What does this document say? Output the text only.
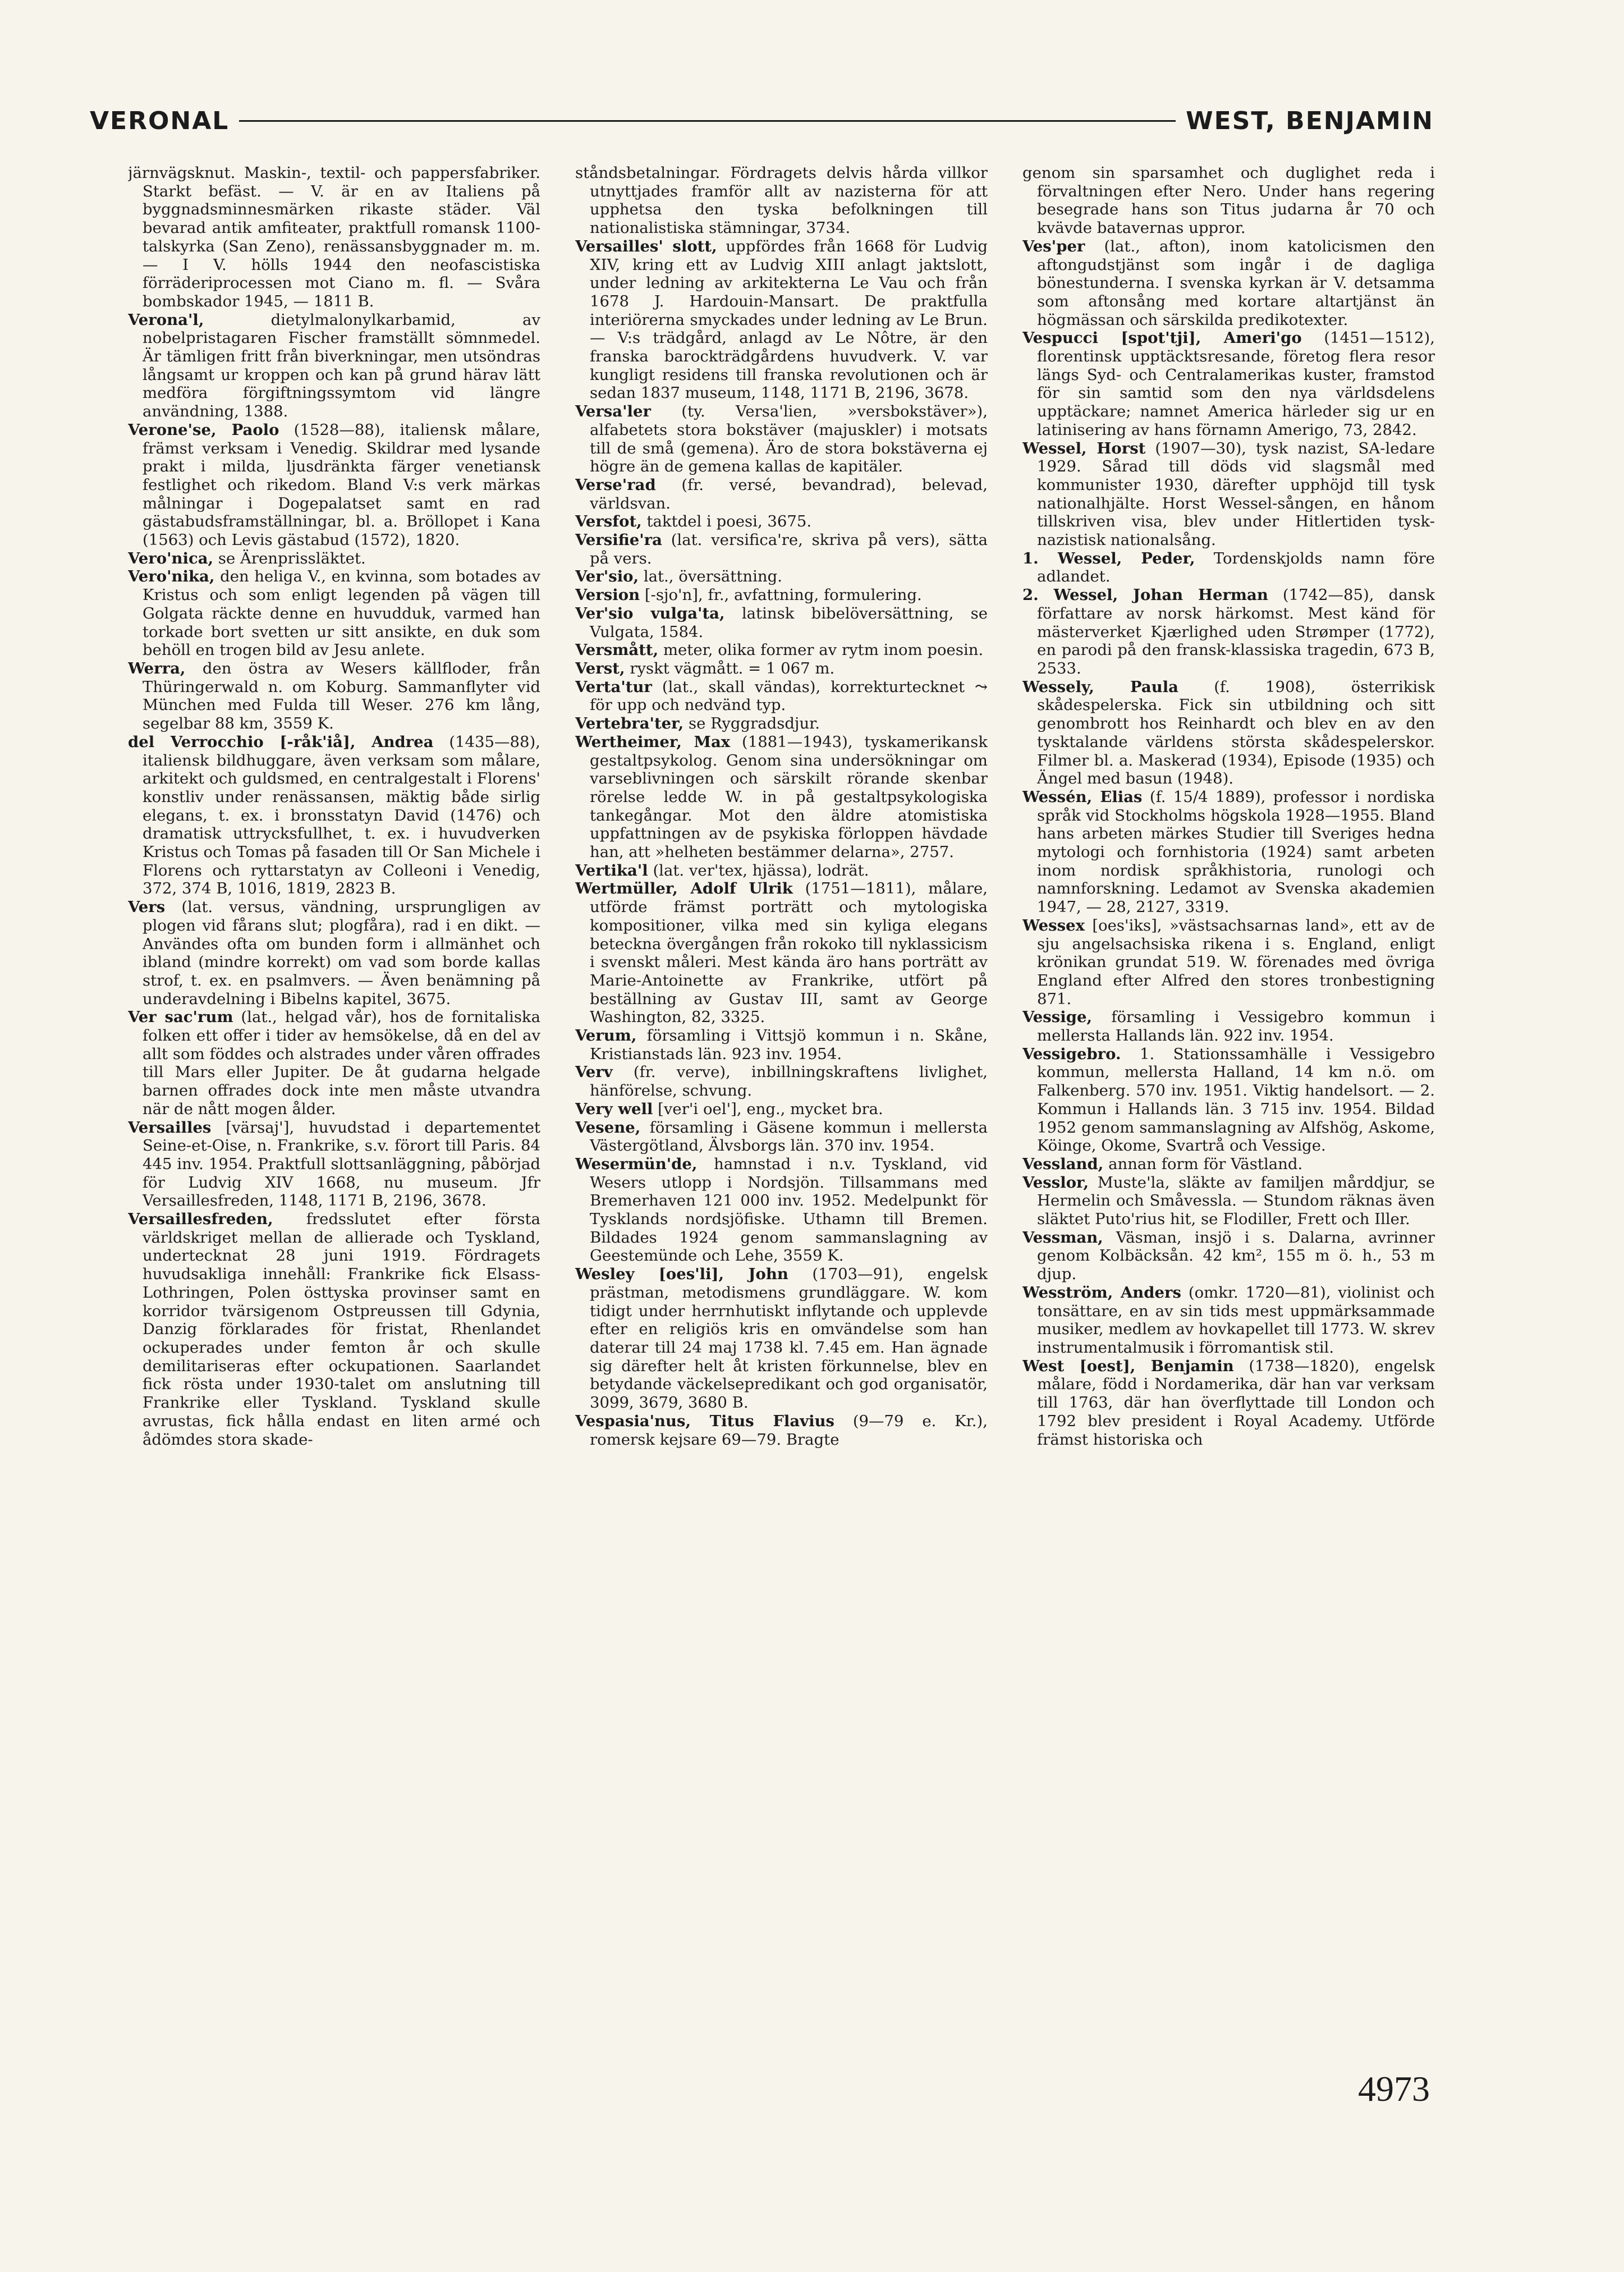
VERONAL	WEST, BENJAMIN

järnvägsknut. Maskin-, textil- och pappersfabriker. Starkt befäst. — V. är en av Italiens på byggnadsminnesmärken rikaste städer. Väl bevarad antik amfiteater, praktfull romansk 1100-talskyrka (San Zeno), renässansbyggnader m. m. — I V. hölls 1944 den neofascistiska förräderiprocessen mot Ciano m. fl. — Svåra bombskador 1945, — 1811 B.

Verona'l,	dietylmalonylkarbamid, av nobelpristagaren Fischer framställt sömnmedel. Är tämligen fritt från biverkningar, men utsöndras långsamt ur kroppen och kan på grund härav lätt medföra förgiftningssymtom vid längre användning, 1388.

Verone'se, Paolo (1528—88), italiensk målare, främst verksam i Venedig. Skildrar med lysande prakt i milda, ljusdränkta färger venetiansk festlighet och rikedom. Bland V:s verk märkas målningar i Dogepalatset samt en rad gästabudsframställningar, bl. a. Bröllopet i Kana (1563) och Levis gästabud (1572), 1820.

Vero'nica, se Ärenprissläktet.

Vero'nika, den heliga V., en kvinna, som botades av Kristus och som enligt legenden på vägen till Golgata räckte denne en huvudduk, varmed han torkade bort svetten ur sitt ansikte, en duk som behöll en trogen bild av Jesu anlete.

Werra, den östra av Wesers källfloder, från Thüringerwald n. om Koburg. Sammanflyter vid München med Fulda till Weser. 276 km lång, segelbar 88 km, 3559 K.

del Verrocchio [-råk'iå], Andrea (1435—88), italiensk bildhuggare, även verksam som målare, arkitekt och guldsmed, en centralgestalt i Florens' konstliv under renässansen, mäktig både sirlig elegans, t. ex. i bronsstatyn David (1476) och dramatisk uttrycksfullhet, t. ex. i huvudverken Kristus och Tomas på fasaden till Or San Michele i Florens och ryttarstatyn av Colleoni i Venedig, 372, 374 B, 1016, 1819, 2823 B.

Vers (lat. versus, vändning, ursprungligen av plogen vid fårans slut; plogfåra), rad i en dikt. — Användes ofta om bunden form i allmänhet och ibland (mindre korrekt) om vad som borde kallas strof, t. ex. en psalmvers. — Även benämning på underavdelning i Bibelns kapitel, 3675.

Ver sac'rum (lat., helgad vår), hos de fornitaliska folken ett offer i tider av hemsökelse, då en del av allt som föddes och alstrades under våren offrades till Mars eller Jupiter. De åt gudarna helgade barnen offrades dock inte men måste utvandra när de nått mogen ålder.

Versailles [värsaj'], huvudstad i departementet Seine-et-Oise, n. Frankrike, s.v. förort till Paris. 84 445 inv. 1954. Praktfull slottsanläggning, påbörjad för Ludvig XIV 1668, nu museum. Jfr Versaillesfreden, 1148, 1171 B, 2196, 3678.

Versaillesfreden, fredsslutet efter första världskriget mellan de allierade och Tyskland, undertecknat 28 juni 1919. Fördragets huvudsakliga innehåll: Frankrike fick Elsass-Lothringen, Polen östtyska provinser samt en korridor tvärsigenom Ostpreussen till Gdynia, Danzig förklarades för fristat, Rhenlandet ockuperades under femton år och skulle demilitariseras efter ockupationen. Saarlandet fick rösta under 1930-talet om anslutning till Frankrike eller Tyskland. Tyskland skulle avrustas, fick hålla endast en liten armé och ådömdes stora skade-

ståndsbetalningar. Fördragets delvis hårda villkor utnyttjades framför allt av nazisterna för att upphetsa den tyska befolkningen till nationalistiska stämningar, 3734.

Versailles' slott, uppfördes från 1668 för Ludvig XIV, kring ett av Ludvig XIII anlagt jaktslott, under ledning av arkitekterna Le Vau och från 1678 J. Hardouin-Mansart. De praktfulla interiörerna smyckades under ledning av Le Brun. — V:s trädgård, anlagd av Le Nôtre, är den franska barockträdgårdens huvudverk. V. var kungligt residens till franska revolutionen och är sedan 1837 museum, 1148, 1171 B, 2196, 3678.

Versa'ler (ty. Versa'lien, »versbokstäver»), alfabetets stora bokstäver (majuskler) i motsats till de små (gemena). Äro de stora bokstäverna ej högre än de gemena kallas de kapitäler.

Verse'rad (fr. versé, bevandrad), belevad, världsvan.

Versfot, taktdel i poesi, 3675.

Versifie'ra (lat. versifica're, skriva på vers), sätta på vers.

Ver'sio, lat., översättning.

Version [-sjo'n], fr., avfattning, formulering.

Ver'sio vulga'ta, latinsk bibelöversättning, se Vulgata, 1584.

Versmått, meter, olika former av rytm inom poesin.

Verst, ryskt vägmått. = 1 067 m.

Verta'tur (lat., skall vändas), korrekturtecknet ⤳ för upp och nedvänd typ.

Vertebra'ter, se Ryggradsdjur.

Wertheimer, Max (1881—1943), tyskamerikansk gestaltpsykolog. Genom sina undersökningar om varseblivningen och särskilt rörande skenbar rörelse ledde W. in på gestaltpsykologiska tankegångar. Mot den äldre atomistiska uppfattningen av de psykiska förloppen hävdade han, att »helheten bestämmer delarna», 2757.

Vertika'l (lat. ver'tex, hjässa), lodrät.

Wertmüller, Adolf Ulrik (1751—1811), målare, utförde främst porträtt och mytologiska kompositioner, vilka med sin kyliga elegans betecknа övergången från rokoko till nyklassicism i svenskt måleri. Mest kända äro hans porträtt av Marie-Antoinette av Frankrike, utfört på beställning av Gustav III, samt av George Washington, 82, 3325.

Verum, församling i Vittsjö kommun i n. Skåne, Kristianstads län. 923 inv. 1954.

Verv (fr. verve), inbillningskraftens livlighet, hänförelse, schvung.

Very well [ver'i oel'], eng., mycket bra.

Vesene, församling i Gäsene kommun i mellersta Västergötland, Älvsborgs län. 370 inv. 1954.

Wesermün'de, hamnstad i n.v. Tyskland, vid Wesers utlopp i Nordsjön. Tillsammans med Bremerhaven 121 000 inv. 1952. Medelpunkt för Tysklands nordsjöfiske. Uthamn till Bremen. Bildades 1924 genom sammanslagning av Geestemünde och Lehe, 3559 K.

Wesley [oes'li], John (1703—91), engelsk prästman, metodismens grundläggare. W. kom tidigt under herrnhutiskt inflytande och upplevde efter en religiös kris en omvändelse som han daterar till 24 maj 1738 kl. 7.45 em. Han ägnade sig därefter helt åt kristen förkunnelse, blev en betydande väckelsepredikant och god organisatör, 3099, 3679, 3680 B.

Vespasia'nus, Titus Flavius (9—79 e. Kr.), romersk kejsare 69—79. Bragte

genom sin sparsamhet och duglighet reda i förvaltningen efter Nero. Under hans regering besegrade hans son Titus judarna år 70 och kvävde batavernas uppror.

Ves'per (lat., afton), inom katolicismen den aftongudstjänst som ingår i de dagliga bönestunderna. I svenska kyrkan är V. detsamma som aftonsång med kortare altartjänst än högmässan och särskilda predikotexter.

Vespucci [spot'tji], Ameri'go (1451—1512), florentinsk upptäcktsresande, företog flera resor längs Syd- och Centralamerikas kuster, framstod för sin samtid som den nya världsdelens upptäckare; namnet America härleder sig ur en latinisering av hans förnamn Amerigo, 73, 2842.

Wessel, Horst (1907—30), tysk nazist, SA-ledare 1929. Sårad till döds vid slagsmål med kommunister 1930, därefter upphöjd till tysk nationalhjälte. Horst Wessel-sången, en hånom tillskriven visa, blev under Hitlertiden tysk-nazistisk nationalsång.

1. Wessel, Peder, Tordenskjolds namn före adlandet.

2. Wessel, Johan Herman (1742—85), dansk författare av norsk härkomst. Mest känd för mästerverket Kjærlighed uden Strømper (1772), en parodi på den fransk-klassiska tragedin, 673 B, 2533.

Wessely, Paula (f. 1908), österrikisk skådespelerska. Fick sin utbildning och sitt genombrott hos Reinhardt och blev en av den tysktalande världens största skådespelerskor. Filmer bl. a. Maskerad (1934), Episode (1935) och Ängel med basun (1948).

Wessén, Elias (f. 15/4 1889), professor i nordiska språk vid Stockholms högskola 1928—1955. Bland hans arbeten märkes Studier till Sveriges hedna mytologi och fornhistoria (1924) samt arbeten inom nordisk språkhistoria, runologi och namnforskning. Ledamot av Svenska akademien 1947, — 28, 2127, 3319.

Wessex [oes'iks], »västsachsarnas land», ett av de sju angelsachsiska rikena i s. England, enligt krönikan grundat 519. W. förenades med övriga England efter Alfred den stores tronbestigning 871.

Vessige, församling i Vessigebro kommun i mellersta Hallands län. 922 inv. 1954.

Vessigebro. 1. Stationssamhälle i Vessigebro kommun, mellersta Halland, 14 km n.ö. om Falkenberg. 570 inv. 1951. Viktig handelsort. — 2. Kommun i Hallands län. 3 715 inv. 1954. Bildad 1952 genom sammanslagning av Alfshög, Askome, Köinge, Okome, Svartrå och Vessige.

Vessland, annan form för Västland.

Vesslor, Muste'la, släkte av familjen mårddjur, se Hermelin och Småvessla. — Stundom räknas även släktet Puto'rius hit, se Flodiller, Frett och Iller.

Vessman, Väsman, insjö i s. Dalarna, avrinner genom Kolbäcksån. 42 km², 155 m ö. h., 53 m djup.

Wesström, Anders (omkr. 1720—81), violinist och tonsättare, en av sin tids mest uppmärksammade musiker, medlem av hovkapellet till 1773. W. skrev instrumentalmusik i förromantisk stil.

West [oest], Benjamin (1738—1820), engelsk målare, född i Nordamerika, där han var verksam till 1763, där han överflyttade till London och 1792 blev president i Royal Academy. Utförde främst historiska och

4973
